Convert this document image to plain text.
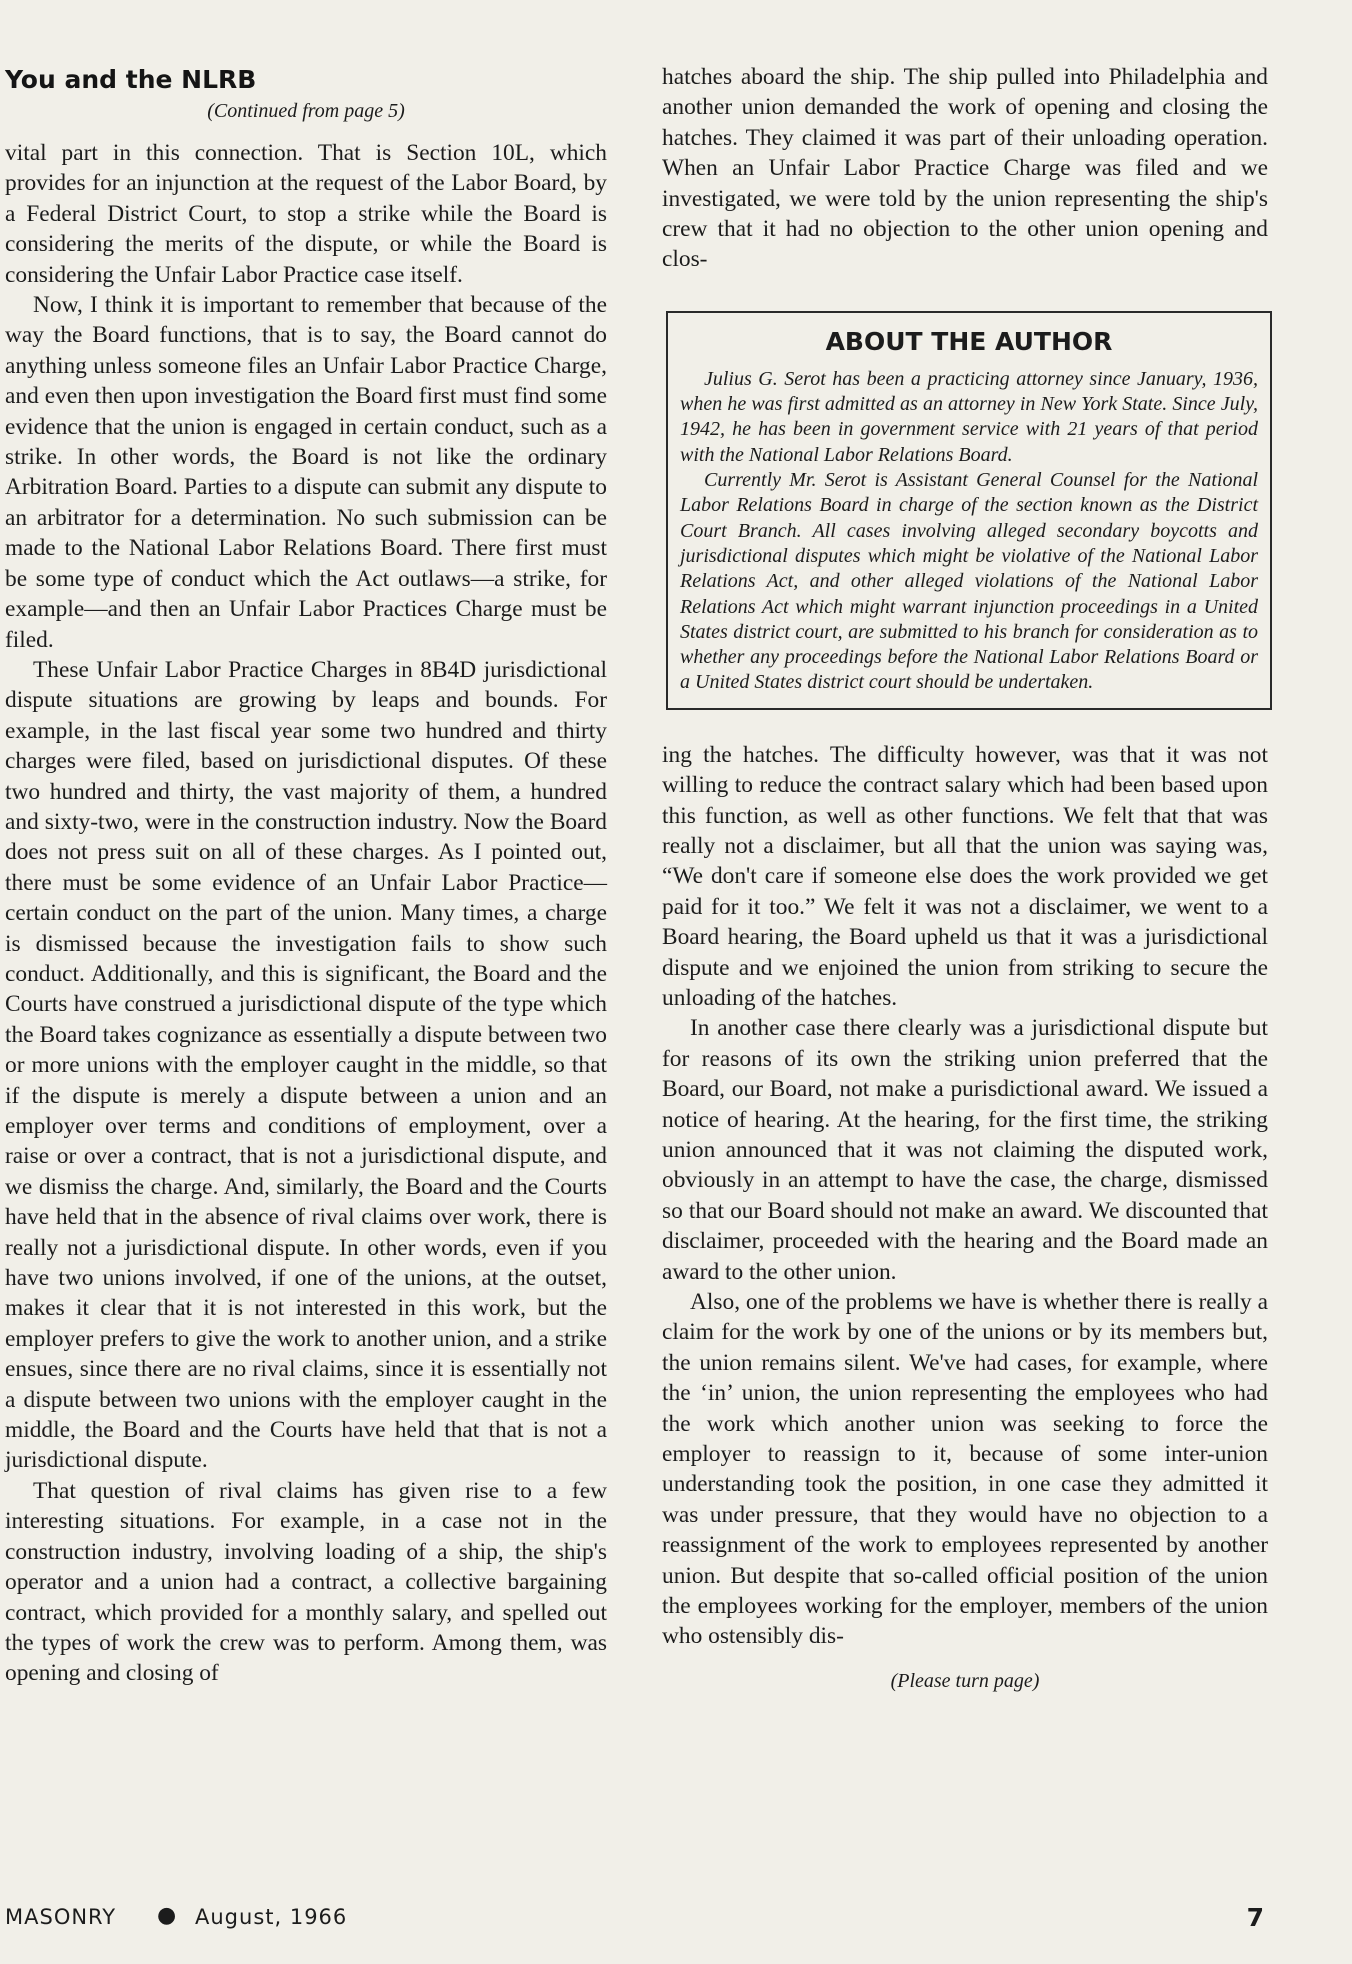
You and the NLRB

(Continued from page 5)

vital part in this connection. That is Section 10L, which provides for an injunction at the request of the Labor Board, by a Federal District Court, to stop a strike while the Board is considering the merits of the dispute, or while the Board is considering the Unfair Labor Practice case itself.

Now, I think it is important to remember that because of the way the Board functions, that is to say, the Board cannot do anything unless someone files an Unfair Labor Practice Charge, and even then upon investigation the Board first must find some evidence that the union is engaged in certain conduct, such as a strike. In other words, the Board is not like the ordinary Arbitration Board. Parties to a dispute can submit any dispute to an arbitrator for a determination. No such submission can be made to the National Labor Relations Board. There first must be some type of conduct which the Act outlaws—a strike, for example—and then an Unfair Labor Practices Charge must be filed.

These Unfair Labor Practice Charges in 8B4D jurisdictional dispute situations are growing by leaps and bounds. For example, in the last fiscal year some two hundred and thirty charges were filed, based on jurisdictional disputes. Of these two hundred and thirty, the vast majority of them, a hundred and sixty-two, were in the construction industry. Now the Board does not press suit on all of these charges. As I pointed out, there must be some evidence of an Unfair Labor Practice—certain conduct on the part of the union. Many times, a charge is dismissed because the investigation fails to show such conduct. Additionally, and this is significant, the Board and the Courts have construed a jurisdictional dispute of the type which the Board takes cognizance as essentially a dispute between two or more unions with the employer caught in the middle, so that if the dispute is merely a dispute between a union and an employer over terms and conditions of employment, over a raise or over a contract, that is not a jurisdictional dispute, and we dismiss the charge. And, similarly, the Board and the Courts have held that in the absence of rival claims over work, there is really not a jurisdictional dispute. In other words, even if you have two unions involved, if one of the unions, at the outset, makes it clear that it is not interested in this work, but the employer prefers to give the work to another union, and a strike ensues, since there are no rival claims, since it is essentially not a dispute between two unions with the employer caught in the middle, the Board and the Courts have held that that is not a jurisdictional dispute.

That question of rival claims has given rise to a few interesting situations. For example, in a case not in the construction industry, involving loading of a ship, the ship's operator and a union had a contract, a collective bargaining contract, which provided for a monthly salary, and spelled out the types of work the crew was to perform. Among them, was opening and closing of

hatches aboard the ship. The ship pulled into Philadelphia and another union demanded the work of opening and closing the hatches. They claimed it was part of their unloading operation. When an Unfair Labor Practice Charge was filed and we investigated, we were told by the union representing the ship's crew that it had no objection to the other union opening and clos-

ABOUT THE AUTHOR

Julius G. Serot has been a practicing attorney since January, 1936, when he was first admitted as an attorney in New York State. Since July, 1942, he has been in government service with 21 years of that period with the National Labor Relations Board.

Currently Mr. Serot is Assistant General Counsel for the National Labor Relations Board in charge of the section known as the District Court Branch. All cases involving alleged secondary boycotts and jurisdictional disputes which might be violative of the National Labor Relations Act, and other alleged violations of the National Labor Relations Act which might warrant injunction proceedings in a United States district court, are submitted to his branch for consideration as to whether any proceedings before the National Labor Relations Board or a United States district court should be undertaken.

ing the hatches. The difficulty however, was that it was not willing to reduce the contract salary which had been based upon this function, as well as other functions. We felt that that was really not a disclaimer, but all that the union was saying was, “We don't care if someone else does the work provided we get paid for it too.” We felt it was not a disclaimer, we went to a Board hearing, the Board upheld us that it was a jurisdictional dispute and we enjoined the union from striking to secure the unloading of the hatches.

In another case there clearly was a jurisdictional dispute but for reasons of its own the striking union preferred that the Board, our Board, not make a purisdictional award. We issued a notice of hearing. At the hearing, for the first time, the striking union announced that it was not claiming the disputed work, obviously in an attempt to have the case, the charge, dismissed so that our Board should not make an award. We discounted that disclaimer, proceeded with the hearing and the Board made an award to the other union.

Also, one of the problems we have is whether there is really a claim for the work by one of the unions or by its members but, the union remains silent. We've had cases, for example, where the ‘in’ union, the union representing the employees who had the work which another union was seeking to force the employer to reassign to it, because of some inter-union understanding took the position, in one case they admitted it was under pressure, that they would have no objection to a reassignment of the work to employees represented by another union. But despite that so-called official position of the union the employees working for the employer, members of the union who ostensibly dis-

(Please turn page)

MASONRY ● August, 1966	7
